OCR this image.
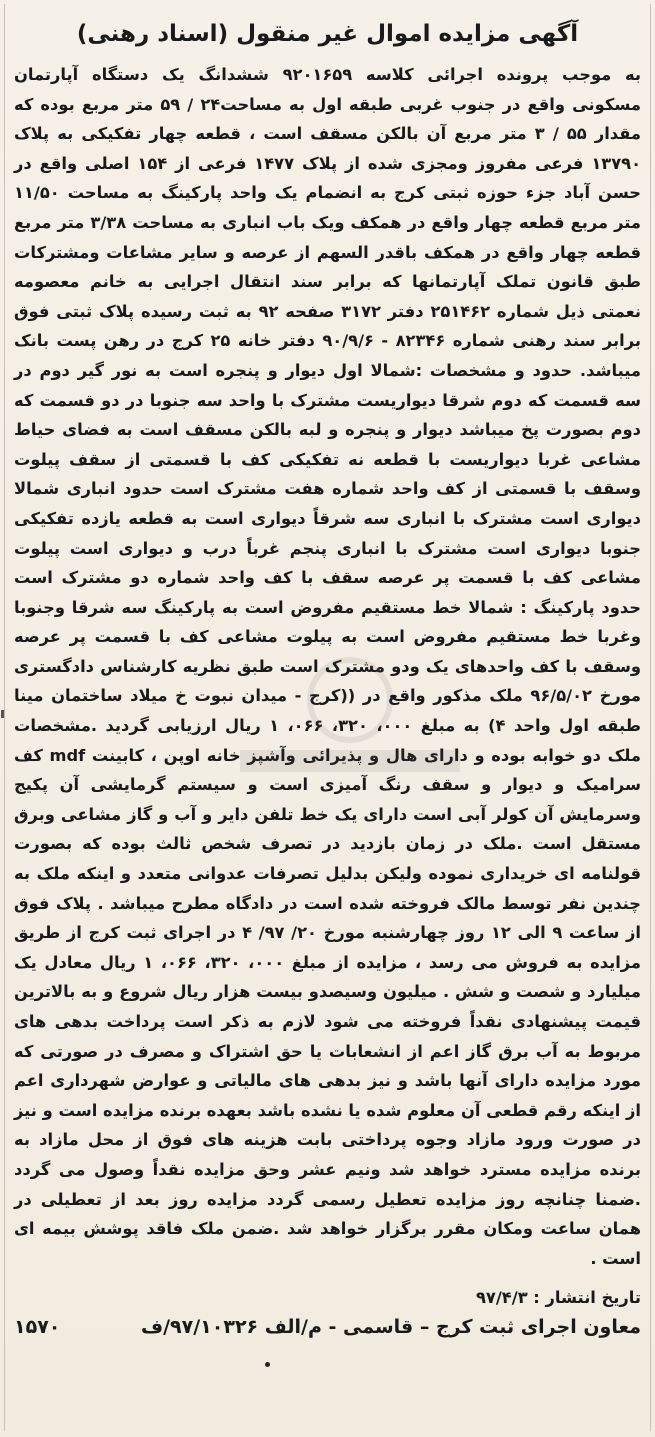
آگهی مزایده اموال غیر منقول (اسناد رهنی)

به موجب پرونده اجرائی کلاسه ۹۲۰۱۶۵۹ ششدانگ یک دستگاه آپارتمان مسکونی واقع در جنوب غربی طبقه اول به مساحت۲۴ / ۵۹ متر مربع بوده که مقدار ۵۵ / ۳ متر مربع آن بالکن مسقف است ، قطعه چهار تفکیکی به پلاک ۱۳۷۹۰ فرعی مفروز ومجزی شده از پلاک ۱۴۷۷ فرعی از ۱۵۴ اصلی واقع در حسن آباد جزء حوزه ثبتی کرج به انضمام یک واحد پارکینگ به مساحت ۱۱/۵۰ متر مربع قطعه چهار واقع در همکف ویک باب انباری به مساحت ۳/۳۸ متر مربع قطعه چهار واقع در همکف باقدر السهم از عرصه و سایر مشاعات ومشترکات طبق قانون تملک آپارتمانها که برابر سند انتقال اجرایی به خانم معصومه نعمتی ذیل شماره ۲۵۱۴۶۲ دفتر ۳۱۷۲ صفحه ۹۲ به ثبت رسیده پلاک ثبتی فوق برابر سند رهنی شماره ۸۲۳۴۶ - ۹۰/۹/۶ دفتر خانه ۲۵ کرج در رهن پست بانک میباشد. حدود و مشخصات :شمالا اول دیوار و پنجره است به نور گیر دوم در سه قسمت که دوم شرقا دیواریست مشترک با واحد سه جنوبا در دو قسمت که دوم بصورت پخ میباشد دیوار و پنجره و لبه بالکن مسقف است به فضای حیاط مشاعی غربا دیواریست با قطعه نه تفکیکی کف با قسمتی از سقف پیلوت وسقف با قسمتی از کف واحد شماره هفت مشترک است حدود انباری شمالا دیواری است مشترک با انباری سه شرقاً دیواری است به قطعه یازده تفکیکی جنوبا دیواری است مشترک با انباری پنجم غرباً درب و دیواری است پیلوت مشاعی کف با قسمت پر عرصه سقف با کف واحد شماره دو مشترک است حدود پارکینگ : شمالا خط مستقیم مفروض است به پارکینگ سه شرقا وجنوبا وغربا خط مستقیم مفروض است به پیلوت مشاعی کف با قسمت پر عرصه وسقف با کف واحدهای یک ودو مشترک است طبق نظریه کارشناس دادگستری مورخ ۹۶/۵/۰۲ ملک مذکور واقع در ((کرج - میدان نبوت خ میلاد ساختمان مینا طبقه اول واحد ۴) به مبلغ ۰۰۰، ۳۲۰، ۰۶۶، ۱ ریال ارزیابی گردید .مشخصات ملک دو خوابه بوده و دارای هال و پذیرائی وآشپز خانه اوپن ، کابینت mdf کف سرامیک و دیوار و سقف رنگ آمیزی است و سیستم گرمایشی آن پکیج وسرمایش آن کولر آبی است دارای یک خط تلفن دایر و آب و گاز مشاعی وبرق مستقل است .ملک در زمان بازدید در تصرف شخص ثالث بوده که بصورت قولنامه ای خریداری نموده ولیکن بدلیل تصرفات عدوانی متعدد و اینکه ملک به چندین نفر توسط مالک فروخته شده است در دادگاه مطرح میباشد . پلاک فوق از ساعت ۹ الی ۱۲ روز چهارشنبه مورخ ۲۰/ ۹۷/ ۴ در اجرای ثبت کرج از طریق مزایده به فروش می رسد ، مزایده از مبلغ ۰۰۰، ۳۲۰، ۰۶۶، ۱ ریال معادل یک میلیارد و شصت و شش . میلیون وسیصدو بیست هزار ریال شروع و به بالاترین قیمت پیشنهادی نقداً فروخته می شود لازم به ذکر است پرداخت بدهی های مربوط به آب برق گاز اعم از انشعابات یا حق اشتراک و مصرف در صورتی که مورد مزایده دارای آنها باشد و نیز بدهی های مالیاتی و عوارض شهرداری اعم از اینکه رقم قطعی آن معلوم شده یا نشده باشد بعهده برنده مزایده است و نیز در صورت ورود مازاد وجوه پرداختی بابت هزینه های فوق از محل مازاد به برنده مزایده مسترد خواهد شد ونیم عشر وحق مزایده نقداً وصول می گردد .ضمنا چنانچه روز مزایده تعطیل رسمی گردد مزایده روز بعد از تعطیلی در همان ساعت ومکان مقرر برگزار خواهد شد .ضمن ملک فاقد پوشش بیمه ای است .

تاریخ انتشار : ۹۷/۴/۳
معاون اجرای ثبت کرج – قاسمی - م/الف ۹۷/۱۰۳۲۶/ف
۱۵۷۰
